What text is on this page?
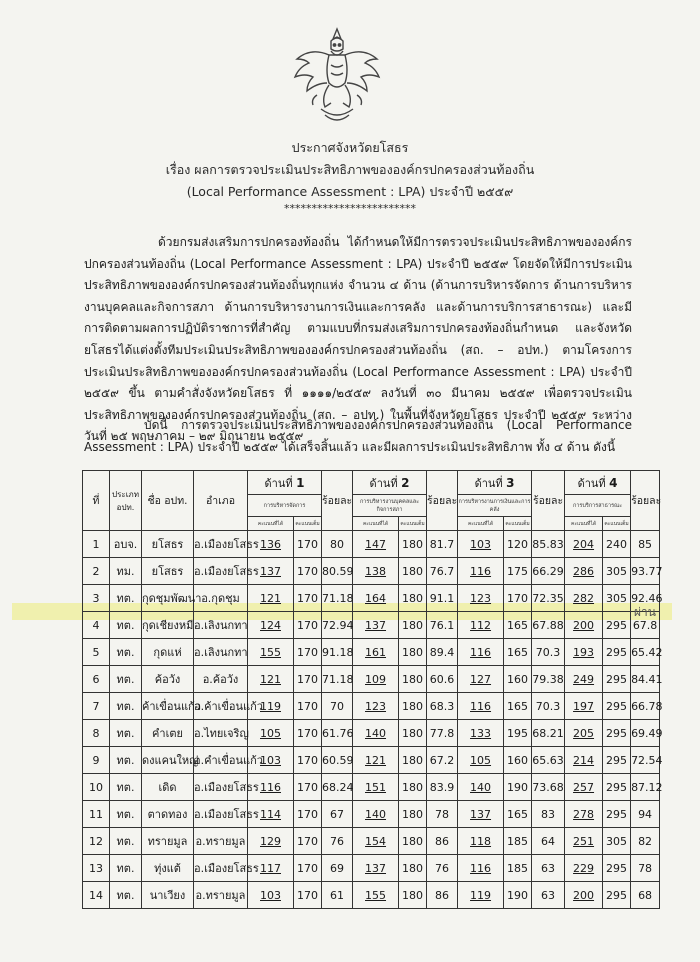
ประกาศจังหวัดยโสธร
เรื่อง ผลการตรวจประเมินประสิทธิภาพขององค์กรปกครองส่วนท้องถิ่น
(Local Performance Assessment : LPA) ประจำปี ๒๕๕๙
************************
ด้วยกรมส่งเสริมการปกครองท้องถิ่น ได้กำหนดให้มีการตรวจประเมินประสิทธิภาพขององค์กรปกครองส่วนท้องถิ่น (Local Performance Assessment : LPA) ประจำปี ๒๕๕๙ โดยจัดให้มีการประเมินประสิทธิภาพขององค์กรปกครองส่วนท้องถิ่นทุกแห่ง จำนวน ๔ ด้าน (ด้านการบริหารจัดการ ด้านการบริหารงานบุคคลและกิจการสภา ด้านการบริหารงานการเงินและการคลัง และด้านการบริการสาธารณะ) และมีการติดตามผลการปฏิบัติราชการที่สำคัญ ตามแบบที่กรมส่งเสริมการปกครองท้องถิ่นกำหนด และจังหวัดยโสธรได้แต่งตั้งทีมประเมินประสิทธิภาพขององค์กรปกครองส่วนท้องถิ่น (สถ. – อปท.) ตามโครงการประเมินประสิทธิภาพขององค์กรปกครองส่วนท้องถิ่น (Local Performance Assessment : LPA) ประจำปี ๒๕๕๙ ขึ้น ตามคำสั่งจังหวัดยโสธร ที่ ๑๑๑๑/๒๕๕๙ ลงวันที่ ๓๐ มีนาคม ๒๕๕๙ เพื่อตรวจประเมินประสิทธิภาพขององค์กรปกครองส่วนท้องถิ่น (สถ. – อปท.) ในพื้นที่จังหวัดยโสธร ประจำปี ๒๕๕๙ ระหว่างวันที่ ๒๕ พฤษภาคม – ๒๙ มิถุนายน ๒๕๕๙
บัดนี้ การตรวจประเมินประสิทธิภาพขององค์กรปกครองส่วนท้องถิ่น (Local Performance Assessment : LPA) ประจำปี ๒๕๕๙ ได้เสร็จสิ้นแล้ว และมีผลการประเมินประสิทธิภาพ ทั้ง ๔ ด้าน ดังนี้
ผ่าน
ที่	ประเภท อปท.	ชื่อ อปท.	อำเภอ	ด้านที่ 1		ร้อยละ	ด้านที่ 2		ร้อยละ	ด้านที่ 3		ร้อยละ	ด้านที่ 4		ร้อยละ
				การบริหารจัดการ			การบริหารงานบุคคลและกิจการสภา			การบริหารงานการเงินและการคลัง			การบริการสาธารณะ		
				คะแนนที่ได้	คะแนนเต็ม		คะแนนที่ได้	คะแนนเต็ม		คะแนนที่ได้	คะแนนเต็ม		คะแนนที่ได้	คะแนนเต็ม	
1	อบจ.	ยโสธร	อ.เมืองยโสธร	136	170	80	147	180	81.7	103	120	85.83	204	240	85
2	ทม.	ยโสธร	อ.เมืองยโสธร	137	170	80.59	138	180	76.7	116	175	66.29	286	305	93.77
3	ทต.	กุดชุมพัฒนา	อ.กุดชุม	121	170	71.18	164	180	91.1	123	170	72.35	282	305	92.46
4	ทต.	กุดเชียงหมี	อ.เลิงนกทา	124	170	72.94	137	180	76.1	112	165	67.88	200	295	67.8
5	ทต.	กุดแห่	อ.เลิงนกทา	155	170	91.18	161	180	89.4	116	165	70.3	193	295	65.42
6	ทต.	ค้อวัง	อ.ค้อวัง	121	170	71.18	109	180	60.6	127	160	79.38	249	295	84.41
7	ทต.	ค้าเขื่อนแก้ว	อ.ค้าเขื่อนแก้ว	119	170	70	123	180	68.3	116	165	70.3	197	295	66.78
8	ทต.	คำเตย	อ.ไทยเจริญ	105	170	61.76	140	180	77.8	133	195	68.21	205	295	69.49
9	ทต.	ดงแคนใหญ่	อ.คำเขื่อนแก้ว	103	170	60.59	121	180	67.2	105	160	65.63	214	295	72.54
10	ทต.	เดิด	อ.เมืองยโสธร	116	170	68.24	151	180	83.9	140	190	73.68	257	295	87.12
11	ทต.	ตาดทอง	อ.เมืองยโสธร	114	170	67	140	180	78	137	165	83	278	295	94
12	ทต.	ทรายมูล	อ.ทรายมูล	129	170	76	154	180	86	118	185	64	251	305	82
13	ทต.	ทุ่งแต้	อ.เมืองยโสธร	117	170	69	137	180	76	116	185	63	229	295	78
14	ทต.	นาเวียง	อ.ทรายมูล	103	170	61	155	180	86	119	190	63	200	295	68
